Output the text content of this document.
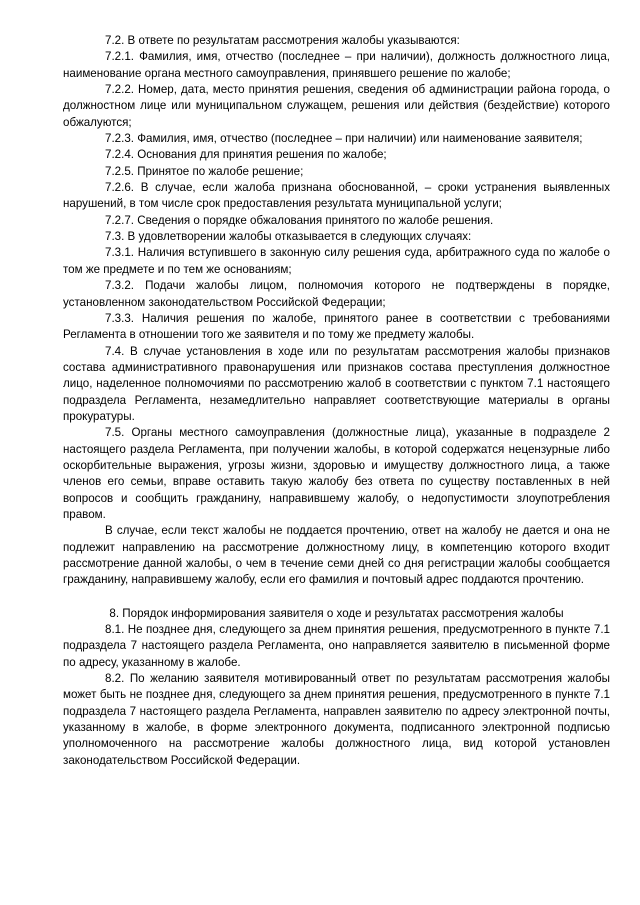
7.2. В ответе по результатам рассмотрения жалобы указываются:

7.2.1. Фамилия, имя, отчество (последнее – при наличии), должность должностного лица, наименование органа местного самоуправления, принявшего решение по жалобе;

7.2.2. Номер, дата, место принятия решения, сведения об администрации района города, о должностном лице или муниципальном служащем, решения или действия (бездействие) которого обжалуются;

7.2.3. Фамилия, имя, отчество (последнее – при наличии) или наименование заявителя;

7.2.4. Основания для принятия решения по жалобе;

7.2.5. Принятое по жалобе решение;

7.2.6. В случае, если жалоба признана обоснованной, – сроки устранения выявленных нарушений, в том числе срок предоставления результата муниципальной услуги;

7.2.7. Сведения о порядке обжалования принятого по жалобе решения.

7.3. В удовлетворении жалобы отказывается в следующих случаях:

7.3.1. Наличия вступившего в законную силу решения суда, арбитражного суда по жалобе о том же предмете и по тем же основаниям;

7.3.2. Подачи жалобы лицом, полномочия которого не подтверждены в порядке, установленном законодательством Российской Федерации;

7.3.3. Наличия решения по жалобе, принятого ранее в соответствии с требованиями Регламента в отношении того же заявителя и по тому же предмету жалобы.

7.4. В случае установления в ходе или по результатам рассмотрения жалобы признаков состава административного правонарушения или признаков состава преступления должностное лицо, наделенное полномочиями по рассмотрению жалоб в соответствии с пунктом 7.1 настоящего подраздела Регламента, незамедлительно направляет соответствующие материалы в органы прокуратуры.

7.5. Органы местного самоуправления (должностные лица), указанные в подразделе 2 настоящего раздела Регламента, при получении жалобы, в которой содержатся нецензурные либо оскорбительные выражения, угрозы жизни, здоровью и имуществу должностного лица, а также членов его семьи, вправе оставить такую жалобу без ответа по существу поставленных в ней вопросов и сообщить гражданину, направившему жалобу, о недопустимости злоупотребления правом.

В случае, если текст жалобы не поддается прочтению, ответ на жалобу не дается и она не подлежит направлению на рассмотрение должностному лицу, в компетенцию которого входит рассмотрение данной жалобы, о чем в течение семи дней со дня регистрации жалобы сообщается гражданину, направившему жалобу, если его фамилия и почтовый адрес поддаются прочтению.

8. Порядок информирования заявителя о ходе и результатах рассмотрения жалобы

8.1. Не позднее дня, следующего за днем принятия решения, предусмотренного в пункте 7.1 подраздела 7 настоящего раздела Регламента, оно направляется заявителю в письменной форме по адресу, указанному в жалобе.

8.2. По желанию заявителя мотивированный ответ по результатам рассмотрения жалобы может быть не позднее дня, следующего за днем принятия решения, предусмотренного в пункте 7.1 подраздела 7 настоящего раздела Регламента, направлен заявителю по адресу электронной почты, указанному в жалобе, в форме электронного документа, подписанного электронной подписью уполномоченного на рассмотрение жалобы должностного лица, вид которой установлен законодательством Российской Федерации.
